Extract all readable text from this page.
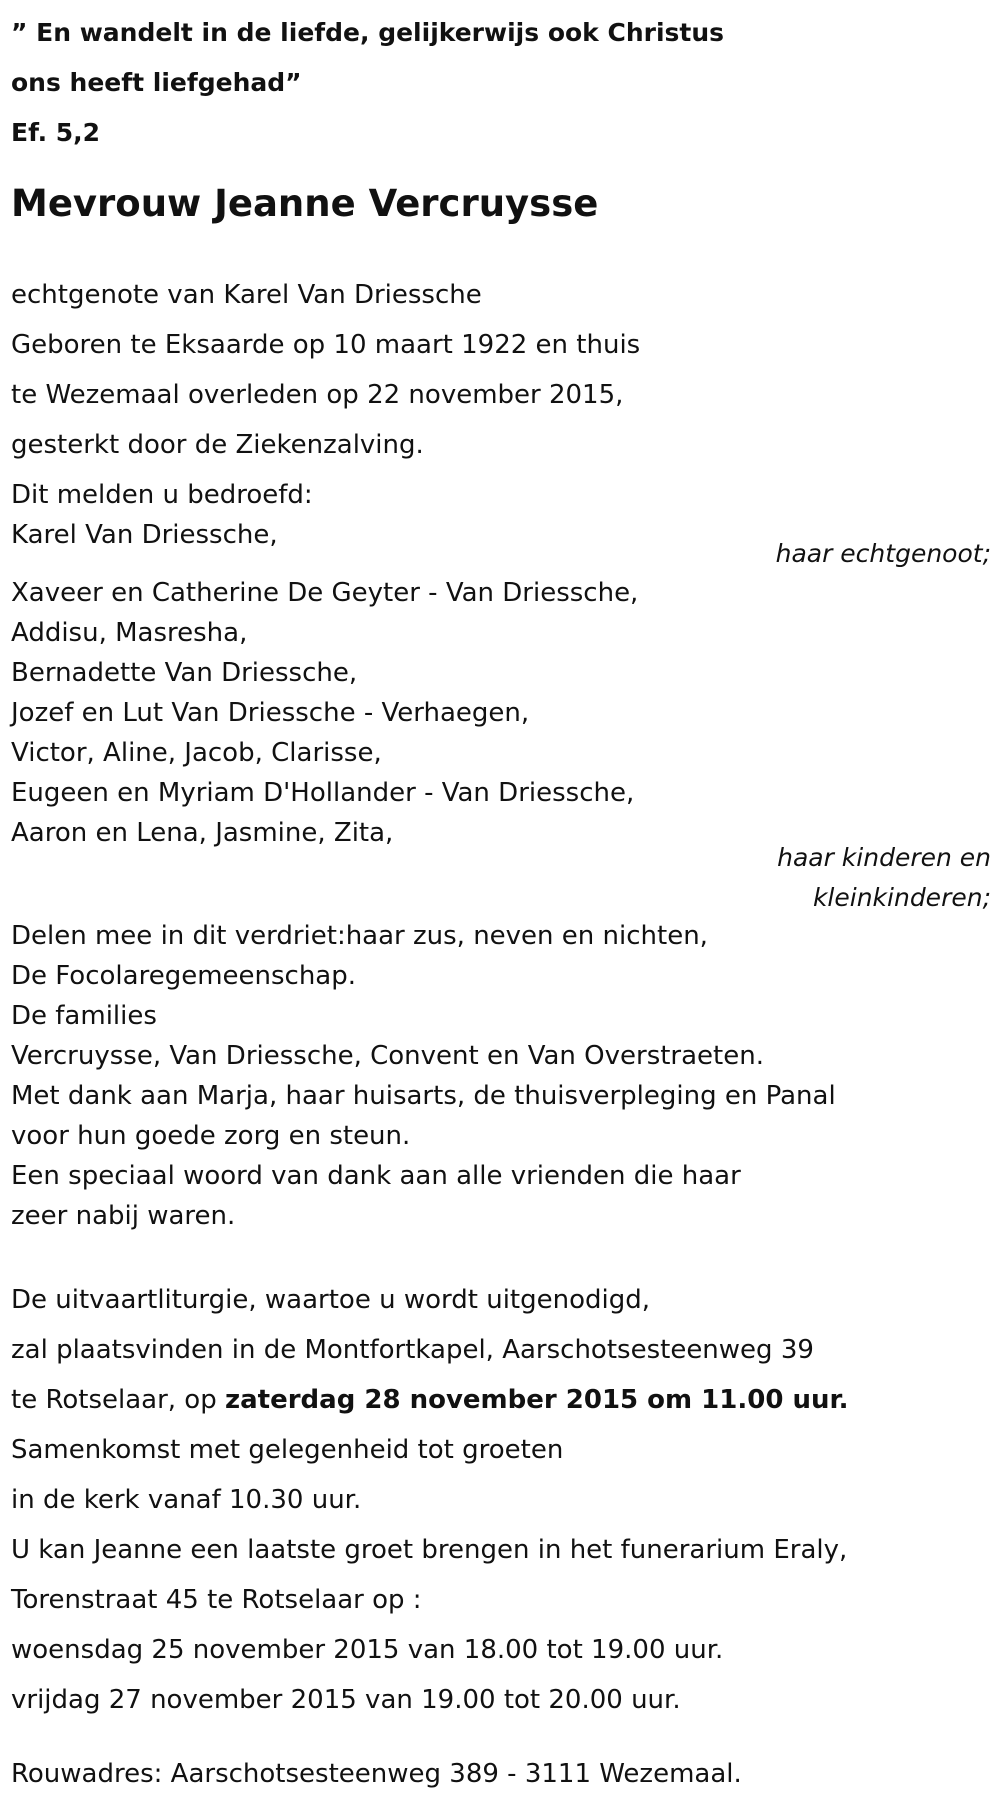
” En wandelt in de liefde, gelijkerwijs ook Christus
ons heeft liefgehad”
Ef. 5,2
Mevrouw Jeanne Vercruysse
echtgenote van Karel Van Driessche
Geboren te Eksaarde op 10 maart 1922 en thuis
te Wezemaal overleden op 22 november 2015,
gesterkt door de Ziekenzalving.
Dit melden u bedroefd:
Karel Van Driessche,
haar echtgenoot;
Xaveer en Catherine De Geyter - Van Driessche,
Addisu, Masresha,
Bernadette Van Driessche,
Jozef en Lut Van Driessche - Verhaegen,
Victor, Aline, Jacob, Clarisse,
Eugeen en Myriam D'Hollander - Van Driessche,
Aaron en Lena, Jasmine, Zita,
haar kinderen en
kleinkinderen;
Delen mee in dit verdriet:haar zus, neven en nichten,
De Focolaregemeenschap.
De families
Vercruysse, Van Driessche, Convent en Van Overstraeten.
Met dank aan Marja, haar huisarts, de thuisverpleging en Panal
voor hun goede zorg en steun.
Een speciaal woord van dank aan alle vrienden die haar
zeer nabij waren.
De uitvaartliturgie, waartoe u wordt uitgenodigd,
zal plaatsvinden in de Montfortkapel, Aarschotsesteenweg 39
te Rotselaar, op zaterdag 28 november 2015 om 11.00 uur.
Samenkomst met gelegenheid tot groeten
in de kerk vanaf 10.30 uur.
U kan Jeanne een laatste groet brengen in het funerarium Eraly,
Torenstraat 45 te Rotselaar op :
woensdag 25 november 2015 van 18.00 tot 19.00 uur.
vrijdag 27 november 2015 van 19.00 tot 20.00 uur.
Rouwadres: Aarschotsesteenweg 389 - 3111 Wezemaal.
